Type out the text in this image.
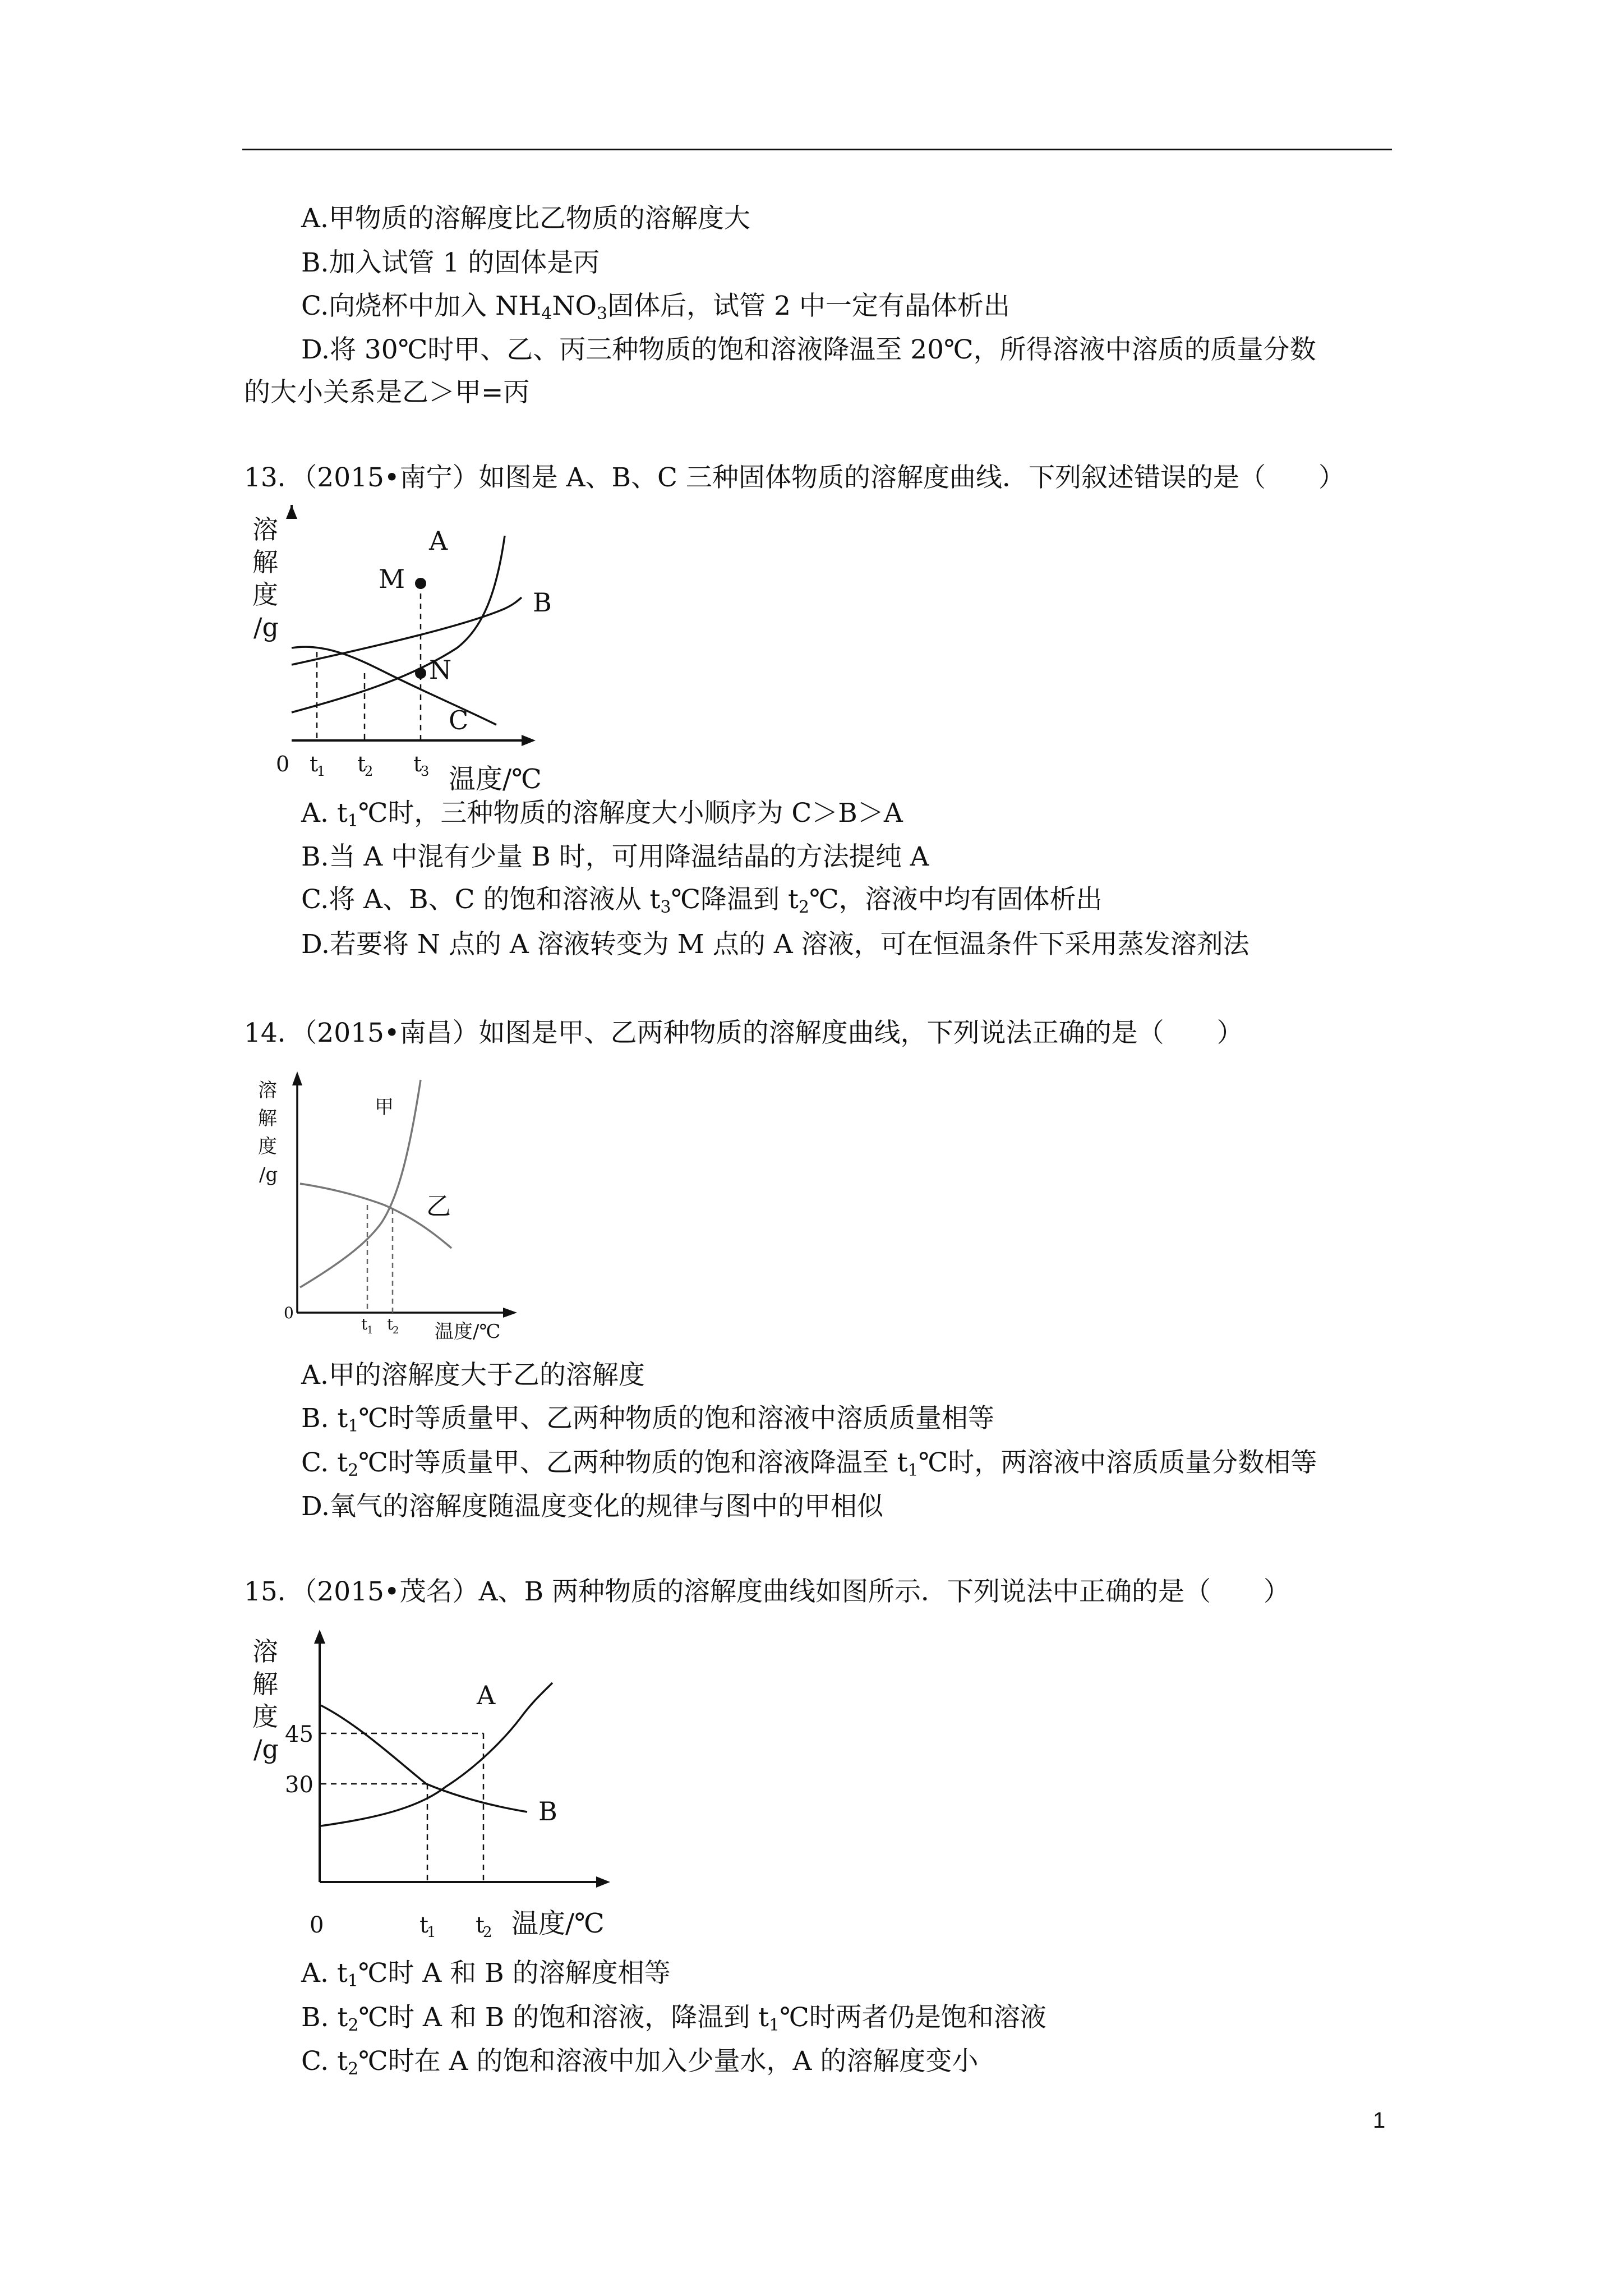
A.甲物质的溶解度比乙物质的溶解度大
B.加入试管 1 的固体是丙
C.向烧杯中加入 $NH_4NO_3$固体后，试管 2 中一定有晶体析出
D.将 30℃时甲、乙、丙三种物质的饱和溶液降温至 20℃，所得溶液中溶质的质量分数
的大小关系是乙＞甲=丙
13．（2015•南宁）如图是 A、B、C 三种固体物质的溶解度曲线．下列叙述错误的是（　　）
溶
解
度
/g
A
B
C
M
N
0 t
1 t
2 t
3 温度/℃
A. $t_1℃$时，三种物质的溶解度大小顺序为 C＞B＞A
B.当 A 中混有少量 B 时，可用降温结晶的方法提纯 A
C.将 A、B、C 的饱和溶液从 $t_3℃$降温到 $t_2℃$，溶液中均有固体析出
D.若要将 N 点的 A 溶液转变为 M 点的 A 溶液，可在恒温条件下采用蒸发溶剂法
14．（2015•南昌）如图是甲、乙两种物质的溶解度曲线，下列说法正确的是（　　）
溶
解
度
/g
甲
乙
0
t
1 t
2 温度/℃
A.甲的溶解度大于乙的溶解度
B. $t_1℃$时等质量甲、乙两种物质的饱和溶液中溶质质量相等
C. $t_2℃$时等质量甲、乙两种物质的饱和溶液降温至 $t_1℃$时，两溶液中溶质质量分数相等
D.氧气的溶解度随温度变化的规律与图中的甲相似
15．（2015•茂名）A、B 两种物质的溶解度曲线如图所示．下列说法中正确的是（　　）
溶
解
度
/g
A
B
45
30
0	t
1 t
2 温度/℃
A. $t_1℃$时 A 和 B 的溶解度相等
B. $t_2℃$时 A 和 B 的饱和溶液，降温到 $t_1℃$时两者仍是饱和溶液
C. $t_2℃$时在 A 的饱和溶液中加入少量水，A 的溶解度变小
1
